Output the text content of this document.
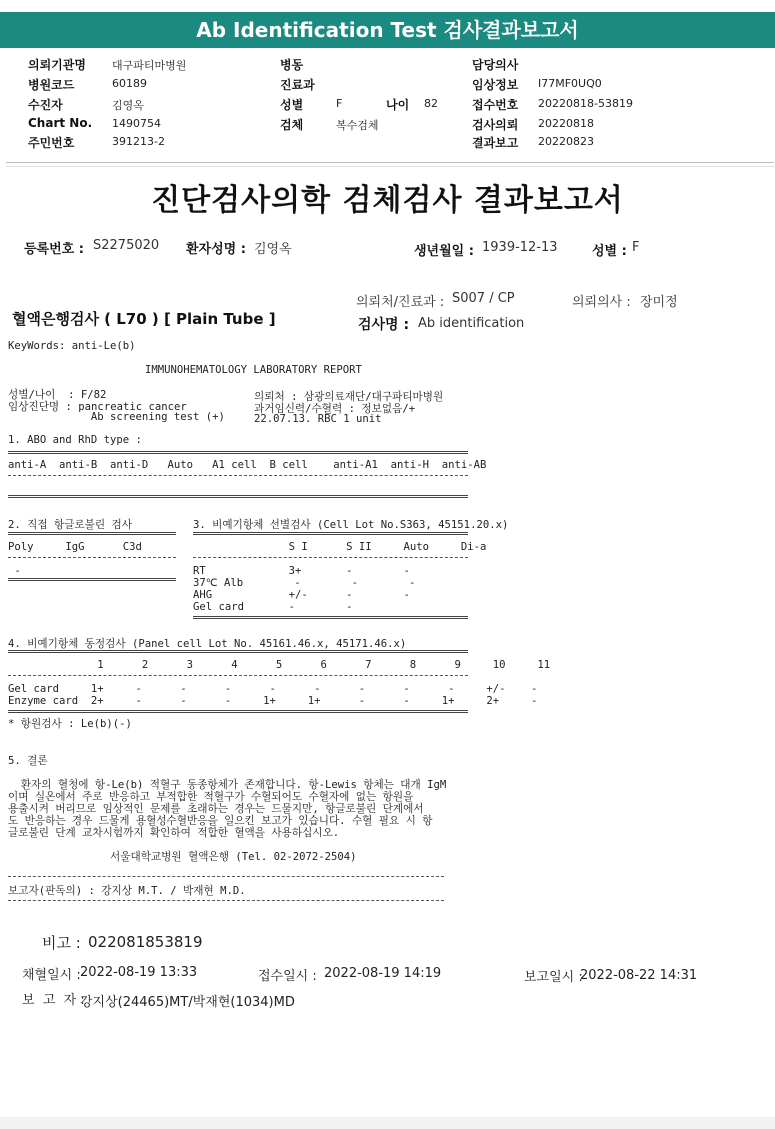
Ab Identification Test 검사결과보고서
의뢰기관명 대구파티마병원
병원코드	60189
수진자	김영옥
Chart No. 1490754
주민번호	391213-2
병동
진료과
성별	F	나이 82
검체	복수검체
담당의사
임상정보 I77MF0UQ0
접수번호 20220818-53819
검사의뢰 20220818
결과보고 20220823
진단검사의학 검체검사 결과보고서
등록번호 : S2275020 환자성명 : 김영옥	생년월일 : 1939-12-13	성별 : F
의뢰처/진료과 : S007 / CP	의뢰의사 : 장미정
혈액은행검사 ( L70 ) [ Plain Tube ]	검사명 : Ab identification
KeyWords: anti-Le(b)
IMMUNOHEMATOLOGY LABORATORY REPORT
성별/나이  : F/82
임상진단명 : pancreatic cancer
Ab screening test (+)
의뢰처 : 삼광의료재단/대구파티마병원
과거임신력/수혈력 : 정보없음/+
22.07.13. RBC 1 unit
1. ABO and RhD type :
anti-A  anti-B  anti-D   Auto   A1 cell  B cell    anti-A1  anti-H  anti-AB
2. 직접 항글로불린 검사
Poly     IgG      C3d
-
3. 비예기항체 선별검사 (Cell Lot No.S363, 45151.20.x)
S I      S II     Auto     Di-a
RT             3+       -        -
37℃ Alb        -        -        -
AHG            +/-      -        -
Gel card       -        -
4. 비예기항체 동정검사 (Panel cell Lot No. 45161.46.x, 45171.46.x)
1      2      3      4      5      6      7      8      9     10     11
Gel card     1+     -      -      -      -      -      -      -      -     +/-    -
Enzyme card  2+     -      -      -     1+     1+      -      -     1+     2+     -
* 항원검사 : Le(b)(-)
5. 결론
환자의 혈청에 항-Le(b) 적혈구 동종항체가 존재합니다. 항-Lewis 항체는 대개 IgM
이며 실온에서 주로 반응하고 부적합한 적혈구가 수혈되어도 수혈자에 없는 항원을
용출시켜 버리므로 임상적인 문제를 초래하는 경우는 드물지만, 항글로불린 단계에서
도 반응하는 경우 드물게 용혈성수혈반응을 일으킨 보고가 있습니다. 수혈 필요 시 항
글로불린 단계 교차시험까지 확인하여 적합한 혈액을 사용하십시오.
서울대학교병원 혈액은행 (Tel. 02-2072-2504)
보고자(판독의) : 강지상 M.T. / 박재현 M.D.
비고 : 022081853819
채혈일시 : 2022-08-19 13:33	접수일시 : 2022-08-19 14:19	보고일시 :
2022-08-22 14:31
보  고  자 :
강지상(24465)MT/박재현(1034)MD
